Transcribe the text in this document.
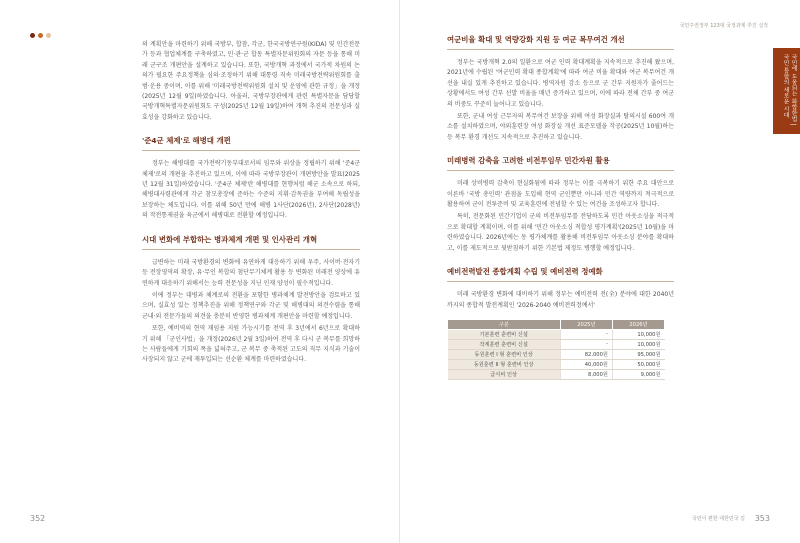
국민주권정부 123대 국정과제 추진 실적

의 계획안을 마련하기 위해 국방부, 합참, 각군, 한국국방연구원(KIDA) 및 민간전문가 등과 협업체계를 구축하였고, 민·관·군 합동 특별자문위원회의 자문 등을 통해 미래 군구조 개편안을 설계하고 있습니다. 또한, 국방개혁 과정에서 국가적 차원의 논의가 필요한 주요정책을 심의·조정하기 위해 대통령 직속 미래국방전략위원회를 출범·운용 중이며, 이를 위해 '미래국방전략위원회 설치 및 운영에 관한 규정」을 개정(2025년 12월 9일)하였습니다. 아울러, 국방부장관에게 관련 특별자문을 담당할 국방개혁특별자문위원회도 구성(2025년 12월 19일)하여 개혁 추진의 전문성과 실효성을 강화하고 있습니다.

'준4군 체제'로 해병대 개편

정부는 해병대를 국가전략기동부대로서의 임무와 위상을 정립하기 위해 '준4군 체제'로의 개편을 추진하고 있으며, 이에 따라 국방부장관이 개편방안을 발표(2025년 12월 31일)하였습니다. '준4군 체제'란 해병대를 현행처럼 해군 소속으로 하되, 해병대사령관에게 각군 참모총장에 준하는 수준의 지휘·감독권을 부여해 독립성을 보장하는 체도입니다. 이를 위해 50년 만에 해병 1사단(2026년), 2사단(2028년)의 작전통제권을 육군에서 해병대로 전환할 예정입니다.

시대 변화에 부합하는 병과체계 개편 및 인사관리 개혁

급변하는 미래 국방환경의 변화에 유연하게 대응하기 위해 우주, 사이버·전자기 등 전장영역의 확장, 유·무인 복합의 첨단무기체계 활용 등 변화된 미래전 양상에 유연하게 대응하기 위해서는 능력 전문성을 지닌 인재 양성이 필수적입니다.

이에 정부는 대병과 체계로의 전환을 포함한 병과체계 발전방안을 검토하고 있으며, 실효성 있는 정책추진을 위해 정책연구와 각군 및 해병대의 의견수렴을 통해 군내·외 전문가들의 의견을 충분히 반영한 병과체계 개편안을 마련할 예정입니다.

또한, 예비역의 현역 재임용 지원 가능시기를 전역 후 3년에서 6년으로 확대하기 위해 「군인사법」을 개정(2026년 2월 3일)하여 전역 후 다시 군 복무를 희망하는 사람들에게 기회의 폭을 넓혀주고, 군 복무 중 축적된 고도의 직무 지식과 기술이 사장되지 않고 군에 재투입되는 선순환 체계를 마련하였습니다.

여군비율 확대 및 역량강화 지원 등 여군 복무여건 개선

정부는 국방개혁 2.0의 일환으로 여군 인력 확대계획을 지속적으로 추진해 왔으며, 2021년에 수립된 '여군인력 확대 종합계획'에 따라 여군 비율 확대와 여군 복무여건 개선을 내실 있게 추진하고 있습니다. 병역자원 감소 등으로 군 간부 지원자가 줄어드는 상황에서도 여성 간부 선발 비율을 매년 증가하고 있으며, 이에 따라 전체 간부 중 여군의 비중도 꾸준히 늘어나고 있습니다.

또한, 군내 여성 근무자의 복무여건 보장을 위해 여성 화장실과 탈의시설 600여 개소를 설치하였으며, 야외훈련장 여성 화장실 개선 표준모델을 작공(2025년 10월)하는 등 복무 환경 개선도 지속적으로 추진하고 있습니다.

미래병력 감축을 고려한 비전투임무 민간자원 활용

미래 상비병력 감축이 현실화됨에 따라 정부는 이를 극복하기 위한 주요 대안으로 이른바 '국방 총인력' 관점을 도입해 현역 군인뿐만 아니라 민간 역량까지 적극적으로 활용하여 군이 전투준비 및 교육훈련에 전념할 수 있는 여건을 조성하고자 합니다.

특히, 전문화된 민간기업이 군의 비전투임무를 전담하도록 민간 아웃소싱을 적극적으로 확대할 계획이며, 이를 위해 '민간 아웃소싱 적합성 평가계획'(2025년 10월)을 마련하였습니다. 2026년에는 동 평가체계를 활용해 비전투임무 아웃소싱 분야를 확대하고, 이를 제도적으로 뒷받침하기 위한 기본법 제정도 병행할 예정입니다.

예비전력발전 종합계획 수립 및 예비전력 정예화

미래 국방환경 변화에 대비하기 위해 정부는 예비전력 전(全) 분야에 대한 2040년까지의 종합적 발전계획인 '2026-2040 예비전력정예서'

구분	2025년	2026년
기본훈련 훈련비 신설	-	10,000원
작계훈련 훈련비 신설	-	10,000원
동원훈련 I 형 훈련비 인상	82,000원	95,000원
동원훈련 II 형 훈련비 인상	40,000원	50,000원
급식비 인상	8,000원	9,000원
국민에 도움되는 화합한법 | 국민 통합의 새로운 시대
352	국민이 편한 대한민국 길 353
